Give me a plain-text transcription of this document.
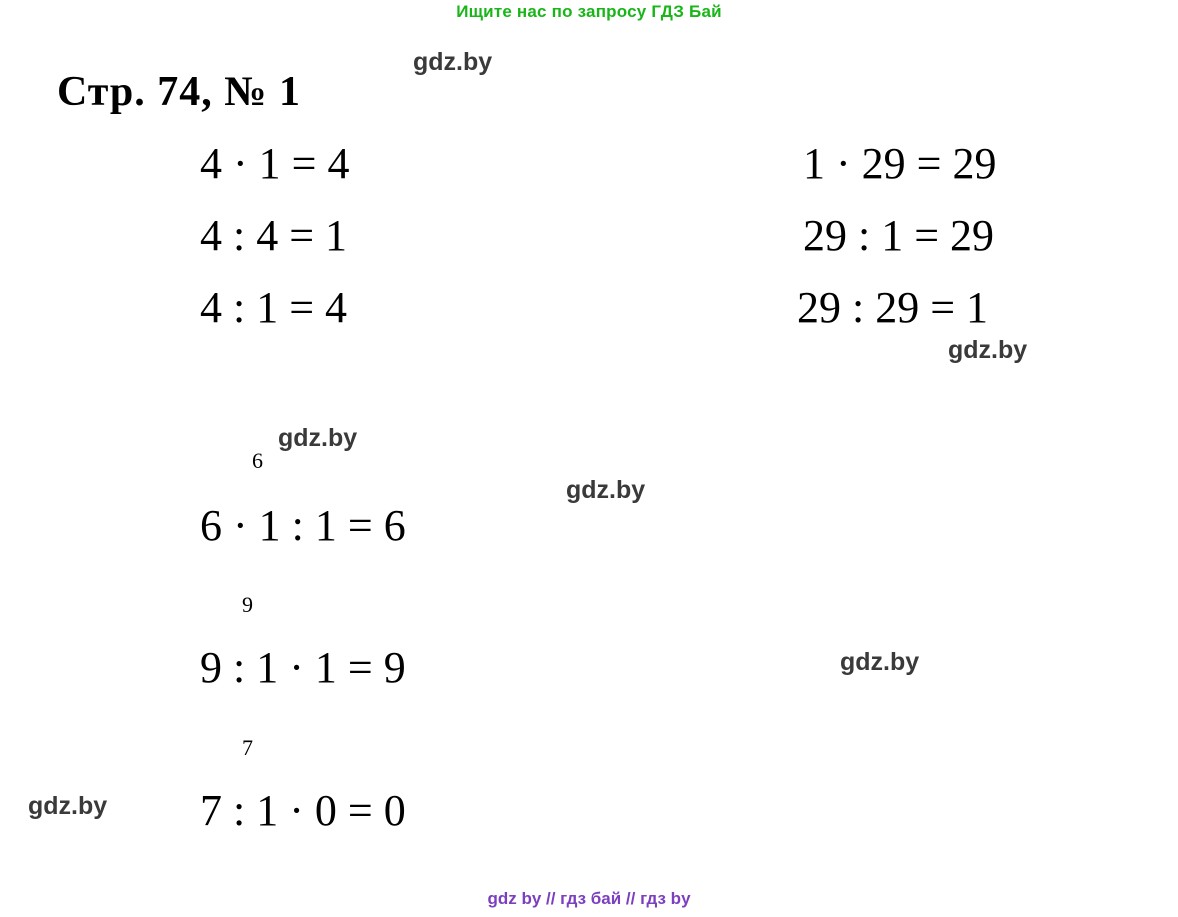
Ищите нас по запросу ГДЗ Бай
Стр. 74, № 1
gdz.by
gdz.by
gdz.by
gdz.by
gdz.by
gdz.by
4 · 1 = 4
4 : 4 = 1
4 : 1 = 4
1 · 29 = 29
29 : 1 = 29
29 : 29 = 1
6
6 · 1 : 1 = 6
9
9 : 1 · 1 = 9
7
7 : 1 · 0 = 0
gdz by // гдз бай // гдз by
